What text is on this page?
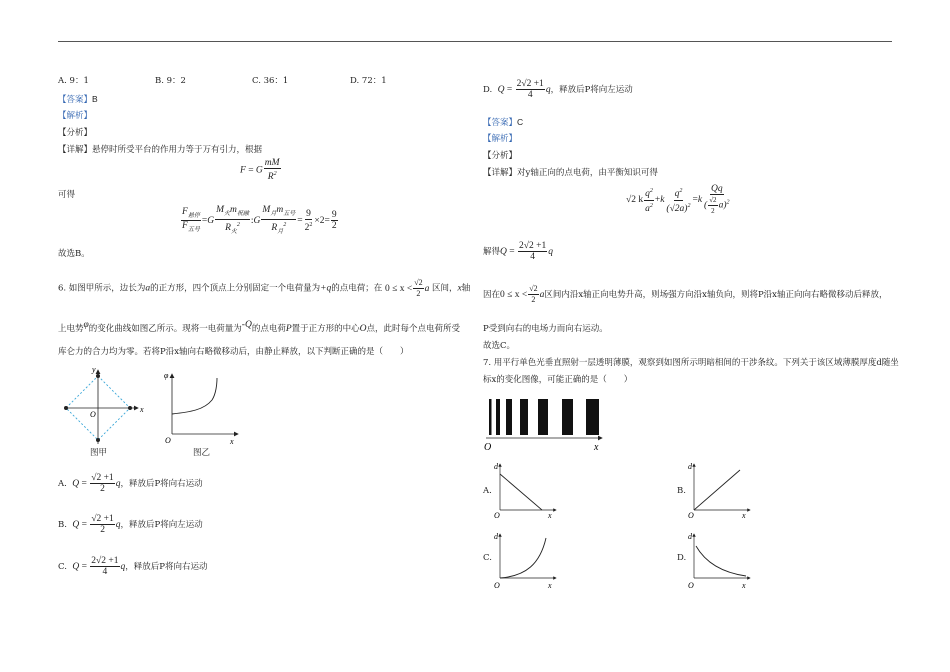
A. 9：1	B. 9：2	C. 36：1	D. 72：1
【答案】B
【解析】
【分析】
【详解】悬停时所受平台的作用力等于万有引力，根据
F = G $\frac{mM}{R^2}$
可得
$\frac{F_{悬停}}{F_{五号}} =G \frac{M_火m_{祝融}}{R_火^2}$ :G $\frac{M_月m_{五号}}{R_月^2} = \frac{9}{2^2} \times 2= \frac{9}{2}$
故选B。
6. 如图甲所示，边长为a的正方形，四个顶点上分别固定一个电荷量为+q的点电荷；在 $0 \le x < \frac{√2}{2}$ a 区间，x轴
上电势$^\varphi$的变化曲线如图乙所示。现将一电荷量为$^{-Q}$的点电荷P置于正方形的中心O点，此时每个点电荷所受
库仑力的合力均为零。若将P沿x轴向右略微移动后，由静止释放，以下判断正确的是（　　）
y
x
O
图甲
φ
x
O
图乙
A. $Q = \frac{√2 +1}{2}$ q，释放后P将向右运动
B. $Q = \frac{√2 +1}{2}$ q，释放后P将向左运动
C. $Q = \frac{2√2 +1}{4}$ q，释放后P将向右运动
D. $Q = \frac{2√2 +1}{4}$ q，释放后P将向左运动
【答案】C
【解析】
【分析】
【详解】对y轴正向的点电荷，由平衡知识可得
√2 k $\frac{q^2}{a^2} +k \frac{q^2}{(√2a)^2} =k \frac{Qq}{( \frac{√2}{2} a)^2}$
解得$Q = \frac{2√2 +1}{4}$ q
因在$0 \le x < \frac{√2}{2}$ a区间内沿x轴正向电势升高，则场强方向沿x轴负向，则将P沿x轴正向向右略微移动后释放，
P受到向右的电场力而向右运动。
故选C。
7. 用平行单色光垂直照射一层透明薄膜，观察到如图所示明暗相间的干涉条纹。下列关于该区域薄膜厚度d随坐
标x的变化图像，可能正确的是（　　）
O	x
A.
d
O	x
B.
d
O	x
C.
d
O	x
D.
d
O	x
